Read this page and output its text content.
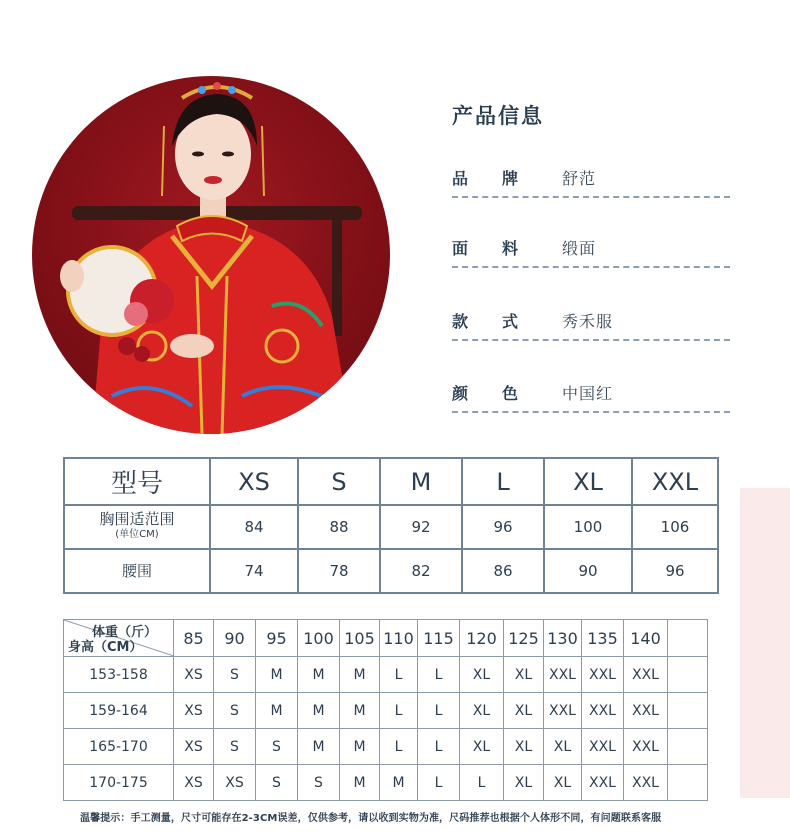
产品信息
品牌 舒范
面料 缎面
款式 秀禾服
颜色 中国红
型号	XS	S	M	L	XL	XXL
胸围适范围
(单位CM)	84	88	92	96	100	106
腰围	74	78	82	86	90	96
体重（斤）
身高（CM）	85	90	95	100	105	110	115	120	125	130	135	140	
153-158	XS	S	M	M	M	L	L	XL	XL	XXL	XXL	XXL	
159-164	XS	S	M	M	M	L	L	XL	XL	XXL	XXL	XXL	
165-170	XS	S	S	M	M	L	L	XL	XL	XL	XXL	XXL	
170-175	XS	XS	S	S	M	M	L	L	XL	XL	XXL	XXL	
温馨提示：手工测量，尺寸可能存在2-3CM误差，仅供参考，请以收到实物为准，尺码推荐也根据个人体形不同，有问题联系客服
